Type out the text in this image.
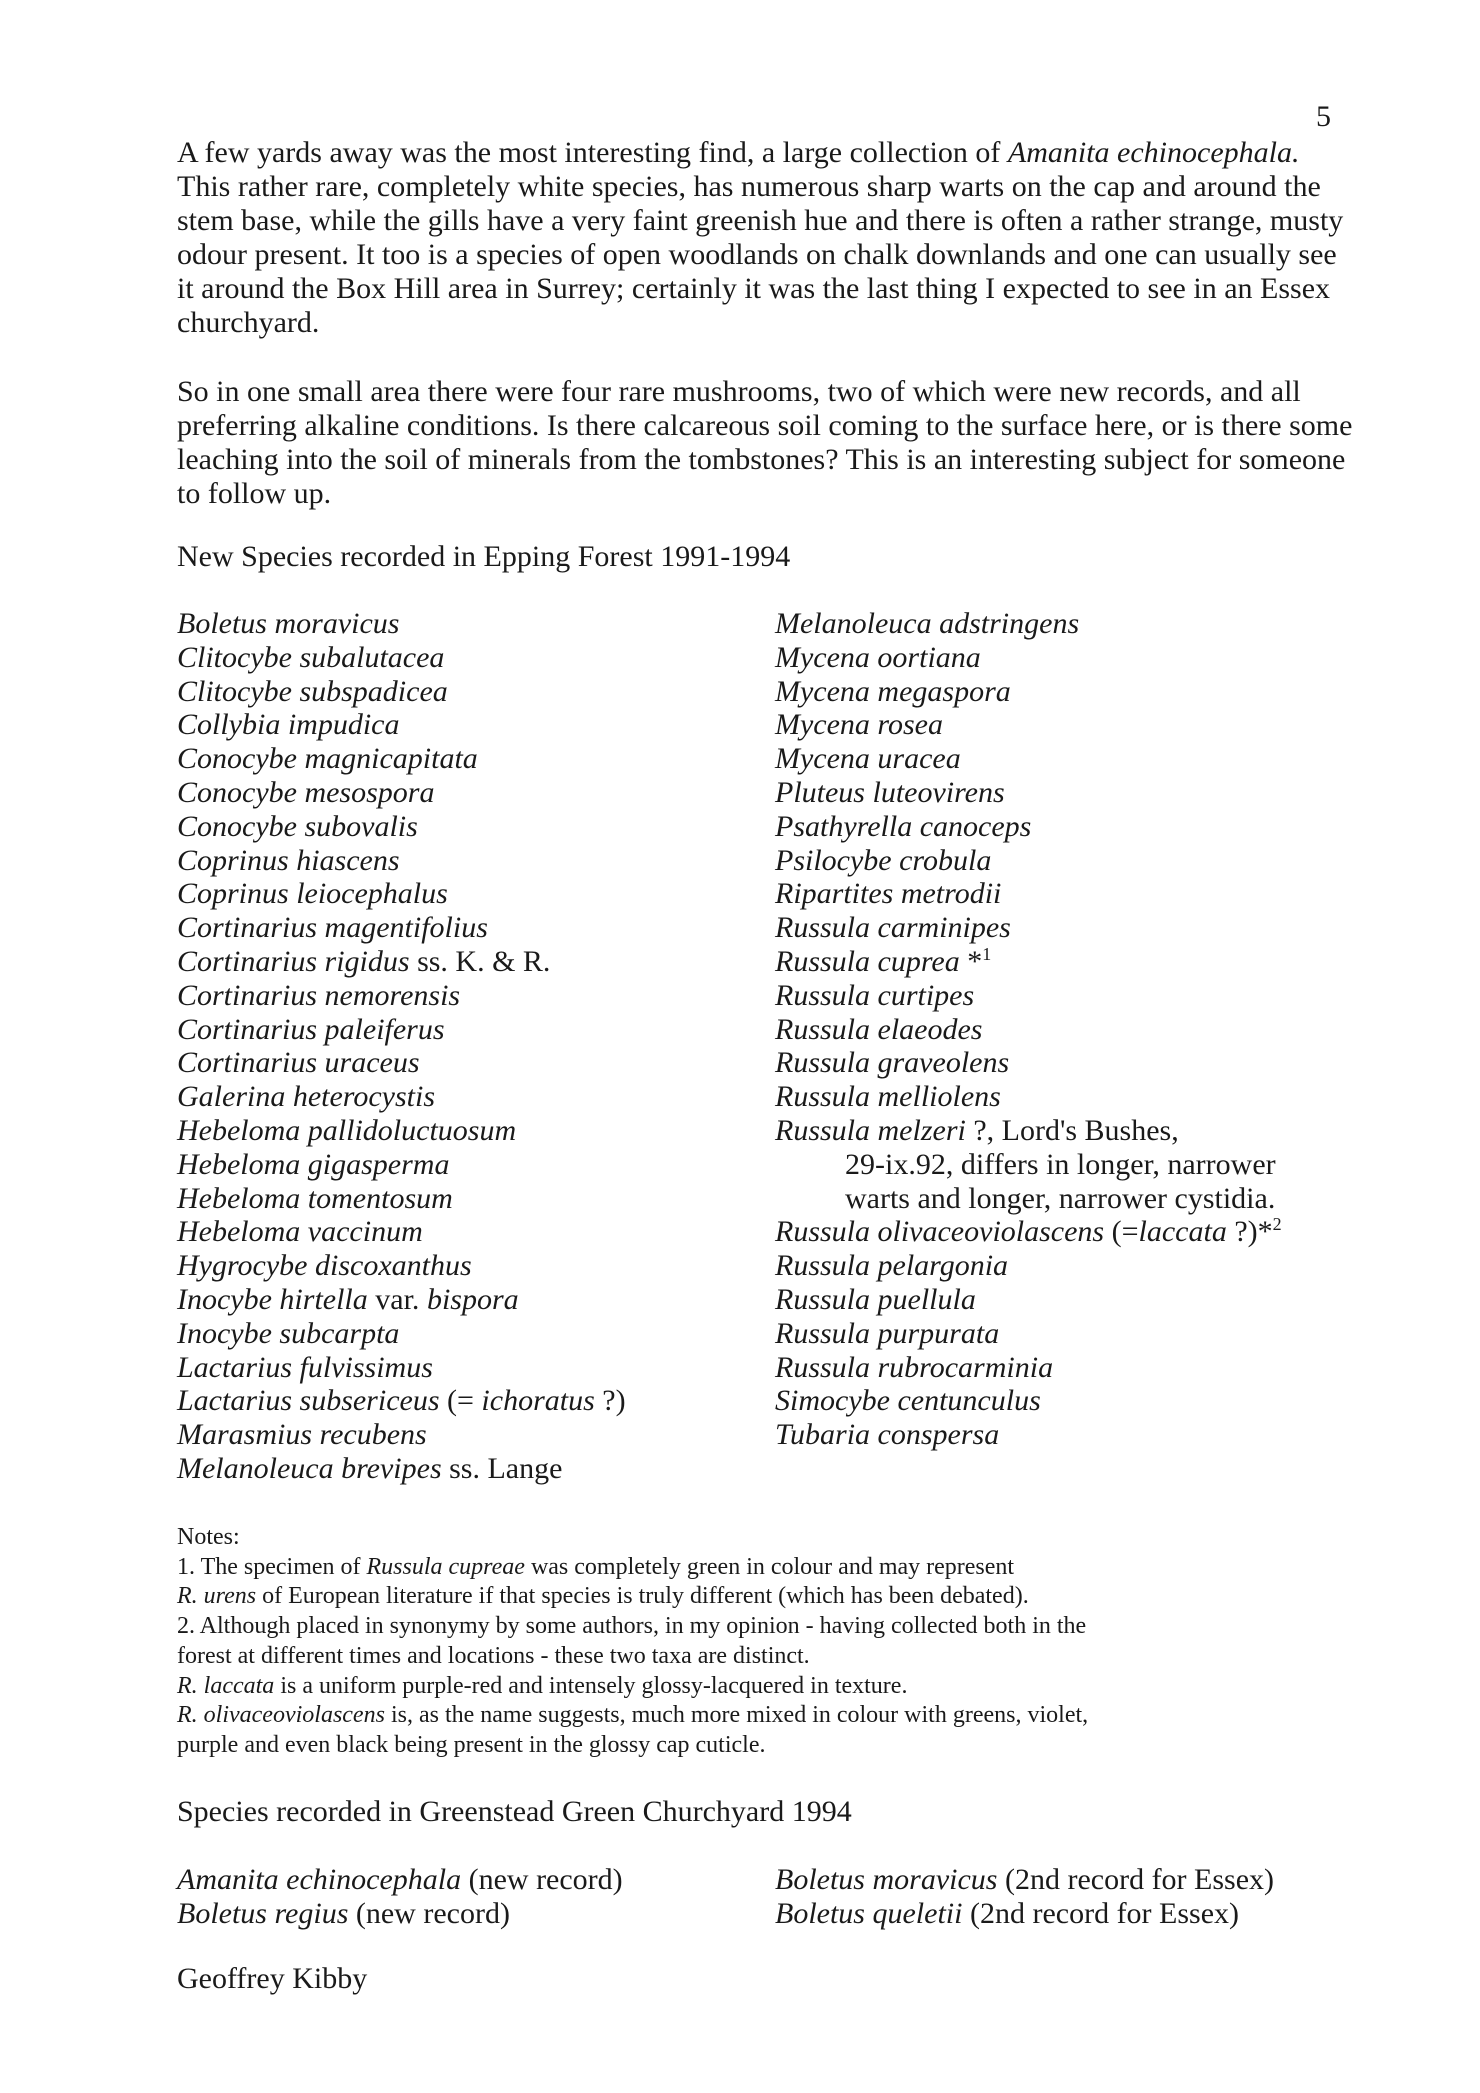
5

A few yards away was the most interesting find, a large collection of Amanita echinocephala. This rather rare, completely white species, has numerous sharp warts on the cap and around the stem base, while the gills have a very faint greenish hue and there is often a rather strange, musty odour present. It too is a species of open woodlands on chalk downlands and one can usually see it around the Box Hill area in Surrey; certainly it was the last thing I expected to see in an Essex churchyard.

So in one small area there were four rare mushrooms, two of which were new records, and all preferring alkaline conditions. Is there calcareous soil coming to the surface here, or is there some leaching into the soil of minerals from the tombstones? This is an interesting subject for someone to follow up.

New Species recorded in Epping Forest 1991-1994
Boletus moravicus
Clitocybe subalutacea
Clitocybe subspadicea
Collybia impudica
Conocybe magnicapitata
Conocybe mesospora
Conocybe subovalis
Coprinus hiascens
Coprinus leiocephalus
Cortinarius magentifolius
Cortinarius rigidus ss. K. & R.
Cortinarius nemorensis
Cortinarius paleiferus
Cortinarius uraceus
Galerina heterocystis
Hebeloma pallidoluctuosum
Hebeloma gigasperma
Hebeloma tomentosum
Hebeloma vaccinum
Hygrocybe discoxanthus
Inocybe hirtella var. bispora
Inocybe subcarpta
Lactarius fulvissimus
Lactarius subsericeus (= ichoratus ?)
Marasmius recubens
Melanoleuca brevipes ss. Lange
Melanoleuca adstringens
Mycena oortiana
Mycena megaspora
Mycena rosea
Mycena uracea
Pluteus luteovirens
Psathyrella canoceps
Psilocybe crobula
Ripartites metrodii
Russula carminipes
Russula cuprea *$^1$
Russula curtipes
Russula elaeodes
Russula graveolens
Russula melliolens
Russula melzeri ?, Lord's Bushes,
29-ix.92, differs in longer, narrower
warts and longer, narrower cystidia.
Russula olivaceoviolascens (=laccata ?)*$^2$
Russula pelargonia
Russula puellula
Russula purpurata
Russula rubrocarminia
Simocybe centunculus
Tubaria conspersa
Notes:
1. The specimen of Russula cupreae was completely green in colour and may represent
R. urens of European literature if that species is truly different (which has been debated).
2. Although placed in synonymy by some authors, in my opinion - having collected both in the
forest at different times and locations - these two taxa are distinct.
R. laccata is a uniform purple-red and intensely glossy-lacquered in texture.
R. olivaceoviolascens is, as the name suggests, much more mixed in colour with greens, violet,
purple and even black being present in the glossy cap cuticle.
Species recorded in Greenstead Green Churchyard 1994
Amanita echinocephala (new record)
Boletus regius (new record)
Boletus moravicus (2nd record for Essex)
Boletus queletii (2nd record for Essex)
Geoffrey Kibby
